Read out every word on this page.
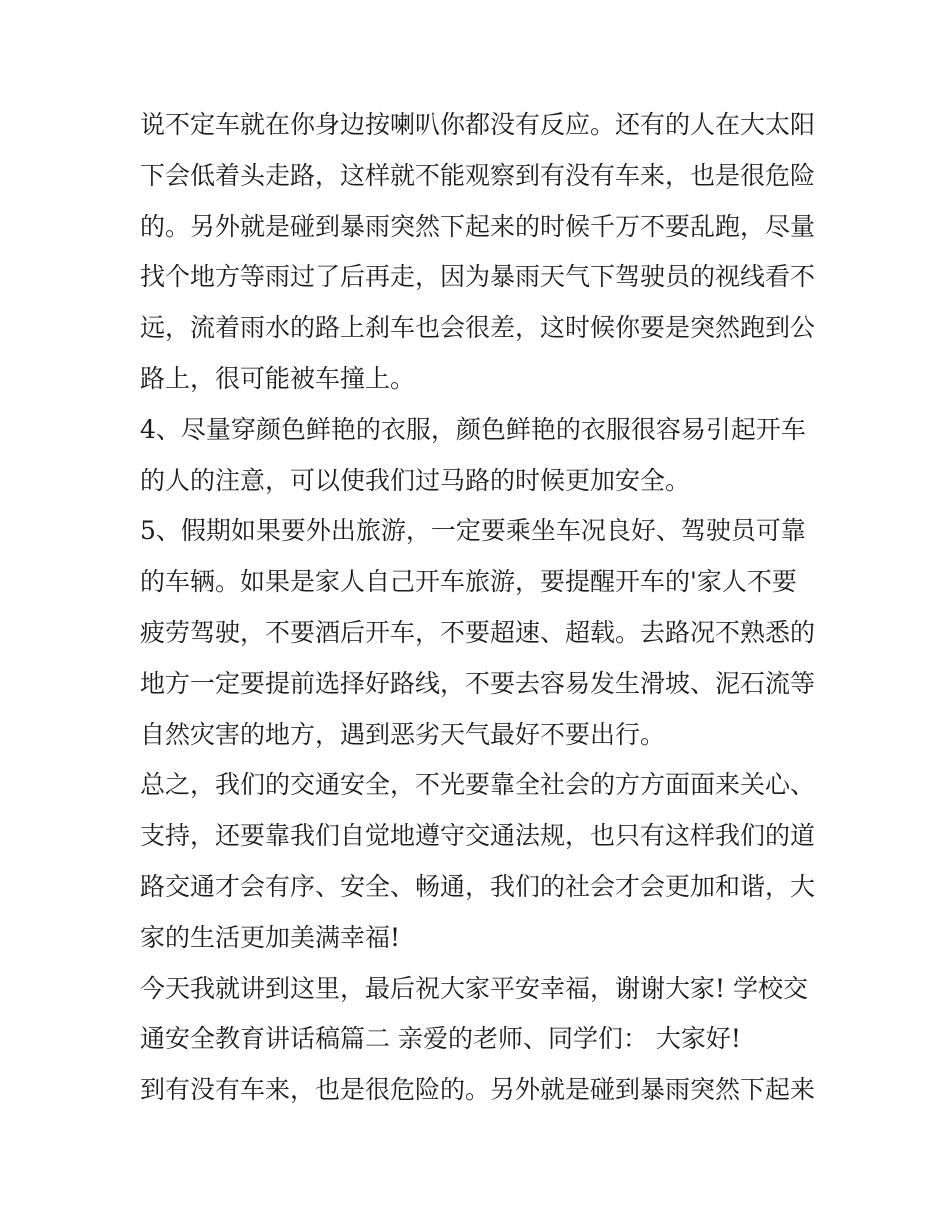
说不定车就在你身边按喇叭你都没有反应。还有的人在大太阳
下会低着头走路，这样就不能观察到有没有车来，也是很危险
的。另外就是碰到暴雨突然下起来的时候千万不要乱跑，尽量
找个地方等雨过了后再走，因为暴雨天气下驾驶员的视线看不
远，流着雨水的路上刹车也会很差，这时候你要是突然跑到公
路上，很可能被车撞上。
4、尽量穿颜色鲜艳的衣服，颜色鲜艳的衣服很容易引起开车
的人的注意，可以使我们过马路的时候更加安全。
5、假期如果要外出旅游，一定要乘坐车况良好、驾驶员可靠
的车辆。如果是家人自己开车旅游，要提醒开车的'家人不要
疲劳驾驶，不要酒后开车，不要超速、超载。去路况不熟悉的
地方一定要提前选择好路线，不要去容易发生滑坡、泥石流等
自然灾害的地方，遇到恶劣天气最好不要出行。
总之，我们的交通安全，不光要靠全社会的方方面面来关心、
支持，还要靠我们自觉地遵守交通法规，也只有这样我们的道
路交通才会有序、安全、畅通，我们的社会才会更加和谐，大
家的生活更加美满幸福!
今天我就讲到这里，最后祝大家平安幸福，谢谢大家! 学校交
通安全教育讲话稿篇二 亲爱的老师、同学们： 大家好!
到有没有车来，也是很危险的。另外就是碰到暴雨突然下起来
